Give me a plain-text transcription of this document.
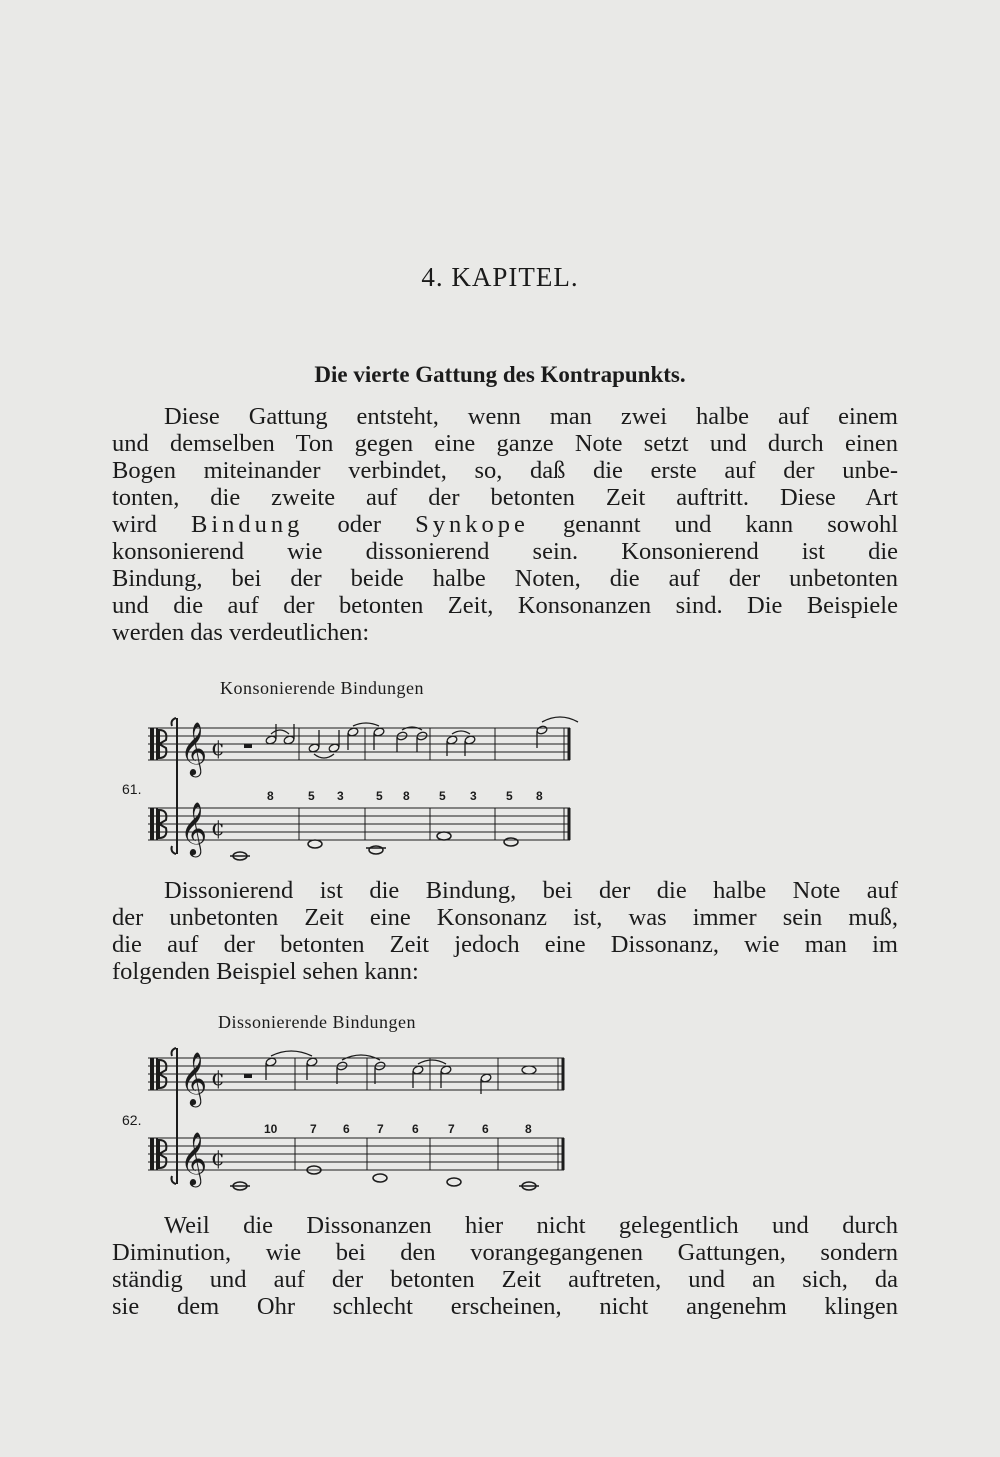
4. KAPITEL.
Die vierte Gattung des Kontrapunkts.
Diese Gattung entsteht, wenn man zwei halbe auf einem
und demselben Ton gegen eine ganze Note setzt und durch einen
Bogen miteinander verbindet, so, daß die erste auf der unbe-
tonten, die zweite auf der betonten Zeit auftritt. Diese Art
wird Bindung oder Synkope genannt und kann sowohl
konsonierend wie dissonierend sein. Konsonierend ist die
Bindung, bei der beide halbe Noten, die auf der unbetonten
und die auf der betonten Zeit, Konsonanzen sind. Die Beispiele
werden das verdeutlichen:
Konsonierende Bindungen
61.
𝄞
𝄞
¢
¢
8	5 3	5 8 5 3 5 8
Dissonierend ist die Bindung, bei der die halbe Note auf
der unbetonten Zeit eine Konsonanz ist, was immer sein muß,
die auf der betonten Zeit jedoch eine Dissonanz, wie man im
folgenden Beispiel sehen kann:
Dissonierende Bindungen
62.
𝄞
𝄞
¢
¢
10	7 6 7 6 7 6	8
Weil die Dissonanzen hier nicht gelegentlich und durch
Diminution, wie bei den vorangegangenen Gattungen, sondern
ständig und auf der betonten Zeit auftreten, und an sich, da
sie dem Ohr schlecht erscheinen, nicht angenehm klingen
